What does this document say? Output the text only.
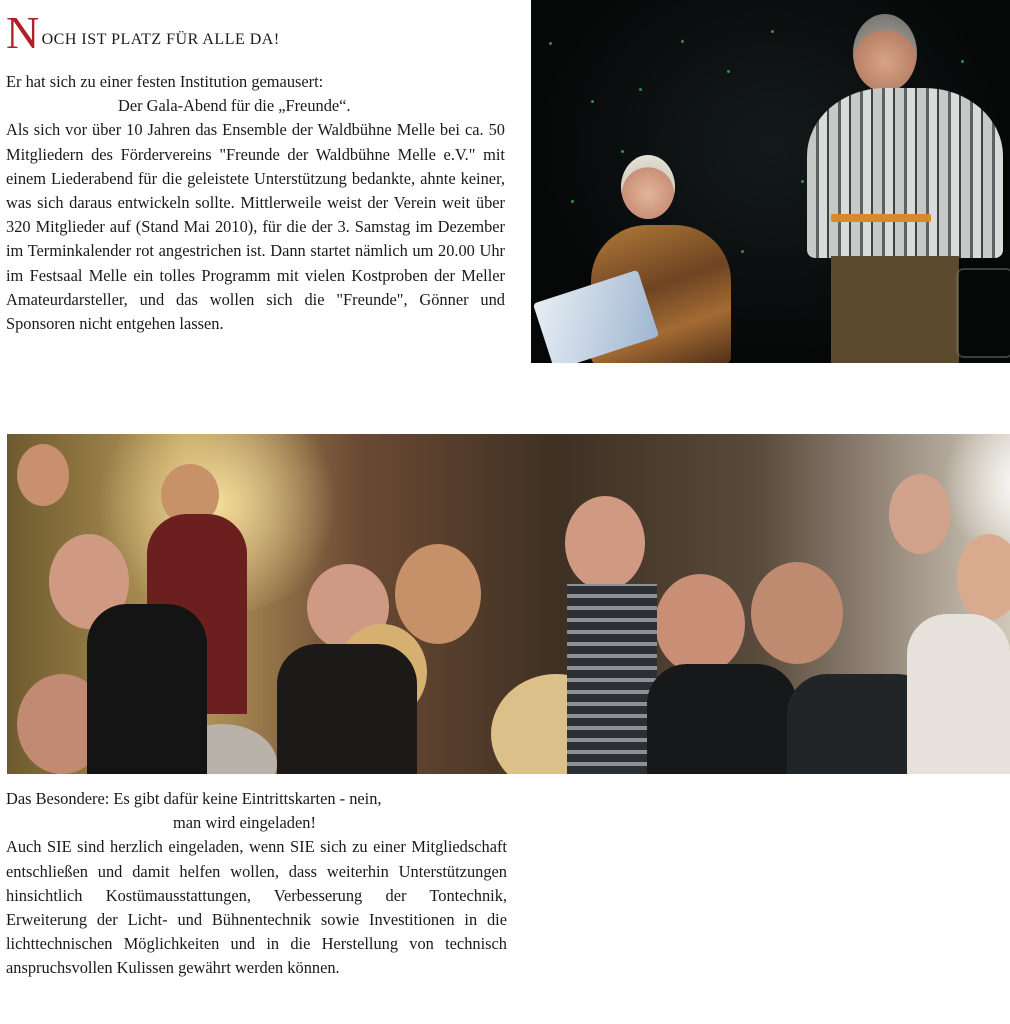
N OCH IST PLATZ FÜR ALLE DA!

Er hat sich zu einer festen Institution gemausert:

Der Gala-Abend für die „Freunde“.

Als sich vor über 10 Jahren das Ensemble der Waldbühne Melle bei ca. 50 Mitgliedern des Fördervereins "Freunde der Waldbühne Melle e.V." mit einem Liederabend für die geleistete Unterstützung bedankte, ahnte keiner, was sich daraus entwickeln sollte. Mittlerweile weist der Verein weit über 320 Mitglieder auf (Stand Mai 2010), für die der 3. Samstag im Dezember im Terminkalender rot angestrichen ist. Dann startet nämlich um 20.00 Uhr im Festsaal Melle ein tolles Programm mit vielen Kostproben der Meller Amateurdarsteller, und das wollen sich die "Freunde", Gönner und Sponsoren nicht entgehen lassen.

Das Besondere: Es gibt dafür keine Eintrittskarten - nein,

man wird eingeladen!

Auch SIE sind herzlich eingeladen, wenn SIE sich zu einer Mitgliedschaft entschließen und damit helfen wollen, dass weiterhin Unterstützungen hinsichtlich Kostümausstattungen, Verbesserung der Tontechnik, Erweiterung der Licht- und Bühnentechnik sowie Investitionen in die lichttechnischen Möglichkeiten und in die Herstellung von technisch anspruchsvollen Kulissen gewährt werden können.
